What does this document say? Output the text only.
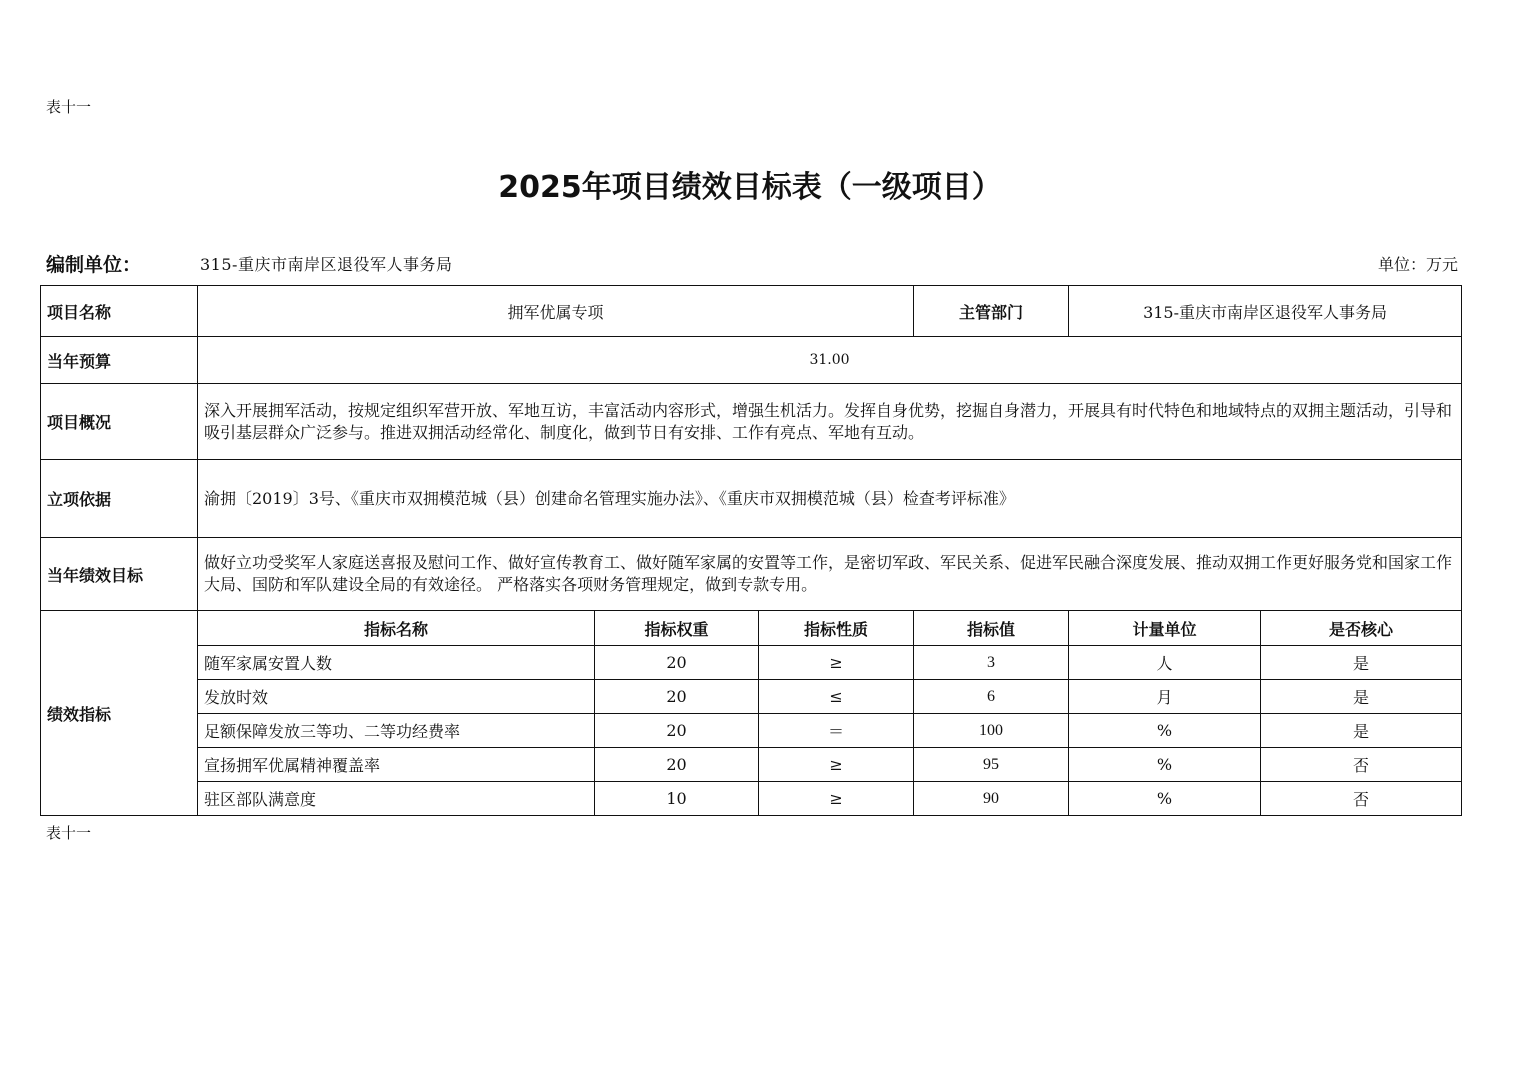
表十一
2025年项目绩效目标表（一级项目）
编制单位：	315-重庆市南岸区退役军人事务局	单位：万元
项目名称	拥军优属专项			主管部门	315-重庆市南岸区退役军人事务局	
当年预算	31.00					
项目概况	深入开展拥军活动，按规定组织军营开放、军地互访，丰富活动内容形式，增强生机活力。发挥自身优势，挖掘自身潜力，开展具有时代特色和地域特点的双拥主题活动，引导和吸引基层群众广泛参与。推进双拥活动经常化、制度化，做到节日有安排、工作有亮点、军地有互动。					
立项依据	渝拥〔2019〕3号、《重庆市双拥模范城（县）创建命名管理实施办法》、《重庆市双拥模范城（县）检查考评标准》					
当年绩效目标	做好立功受奖军人家庭送喜报及慰问工作、做好宣传教育工、做好随军家属的安置等工作，是密切军政、军民关系、促进军民融合深度发展、推动双拥工作更好服务党和国家工作大局、国防和军队建设全局的有效途径。 严格落实各项财务管理规定，做到专款专用。					
绩效指标	指标名称	指标权重	指标性质	指标值	计量单位	是否核心
	随军家属安置人数	20	≥	3	人	是
	发放时效	20	≤	6	月	是
	足额保障发放三等功、二等功经费率	20	＝	100	%	是
	宣扬拥军优属精神覆盖率	20	≥	95	%	否
	驻区部队满意度	10	≥	90	%	否
表十一
